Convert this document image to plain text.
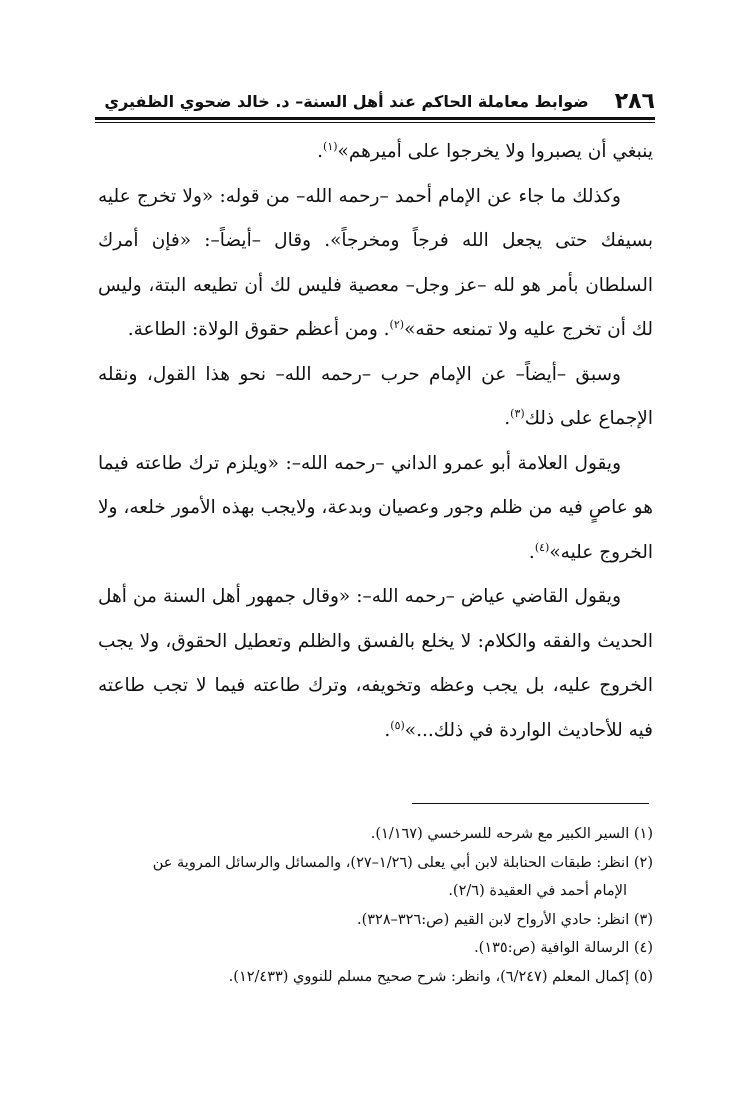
٢٨٦
ضوابط معاملة الحاكم عند أهل السنة– د. خالد ضحوي الظفيري

ينبغي أن يصبروا ولا يخرجوا على أميرهم»$^{(١)}$.

وكذلك ما جاء عن الإمام أحمد –رحمه الله– من قوله: «ولا تخرج عليه بسيفك حتى يجعل الله فرجاً ومخرجاً». وقال –أيضاً–: «فإن أمرك السلطان بأمر هو لله –عز وجل– معصية فليس لك أن تطيعه البتة، وليس لك أن تخرج عليه ولا تمنعه حقه»$^{(٢)}$. ومن أعظم حقوق الولاة: الطاعة.

وسبق –أيضاً– عن الإمام حرب –رحمه الله– نحو هذا القول، ونقله الإجماع على ذلك$^{(٣)}$.

ويقول العلامة أبو عمرو الداني –رحمه الله–: «ويلزم ترك طاعته فيما هو عاصٍ فيه من ظلم وجور وعصيان وبدعة، ولايجب بهذه الأمور خلعه، ولا الخروج عليه»$^{(٤)}$.

ويقول القاضي عياض –رحمه الله–: «وقال جمهور أهل السنة من أهل الحديث والفقه والكلام: لا يخلع بالفسق والظلم وتعطيل الحقوق، ولا يجب الخروج عليه، بل يجب وعظه وتخويفه، وترك طاعته فيما لا تجب طاعته فيه للأحاديث الواردة في ذلك...»$^{(٥)}$.

(١) السير الكبير مع شرحه للسرخسي (١/١٦٧).

(٢) انظر: طبقات الحنابلة لابن أبي يعلى (١/٢٦–٢٧)، والمسائل والرسائل المروية عن

الإمام أحمد في العقيدة (٢/٦).

(٣) انظر: حادي الأرواح لابن القيم (ص:٣٢٦–٣٢٨).

(٤) الرسالة الوافية (ص:١٣٥).

(٥) إكمال المعلم (٦/٢٤٧)، وانظر: شرح صحيح مسلم للنووي (١٢/٤٣٣).
